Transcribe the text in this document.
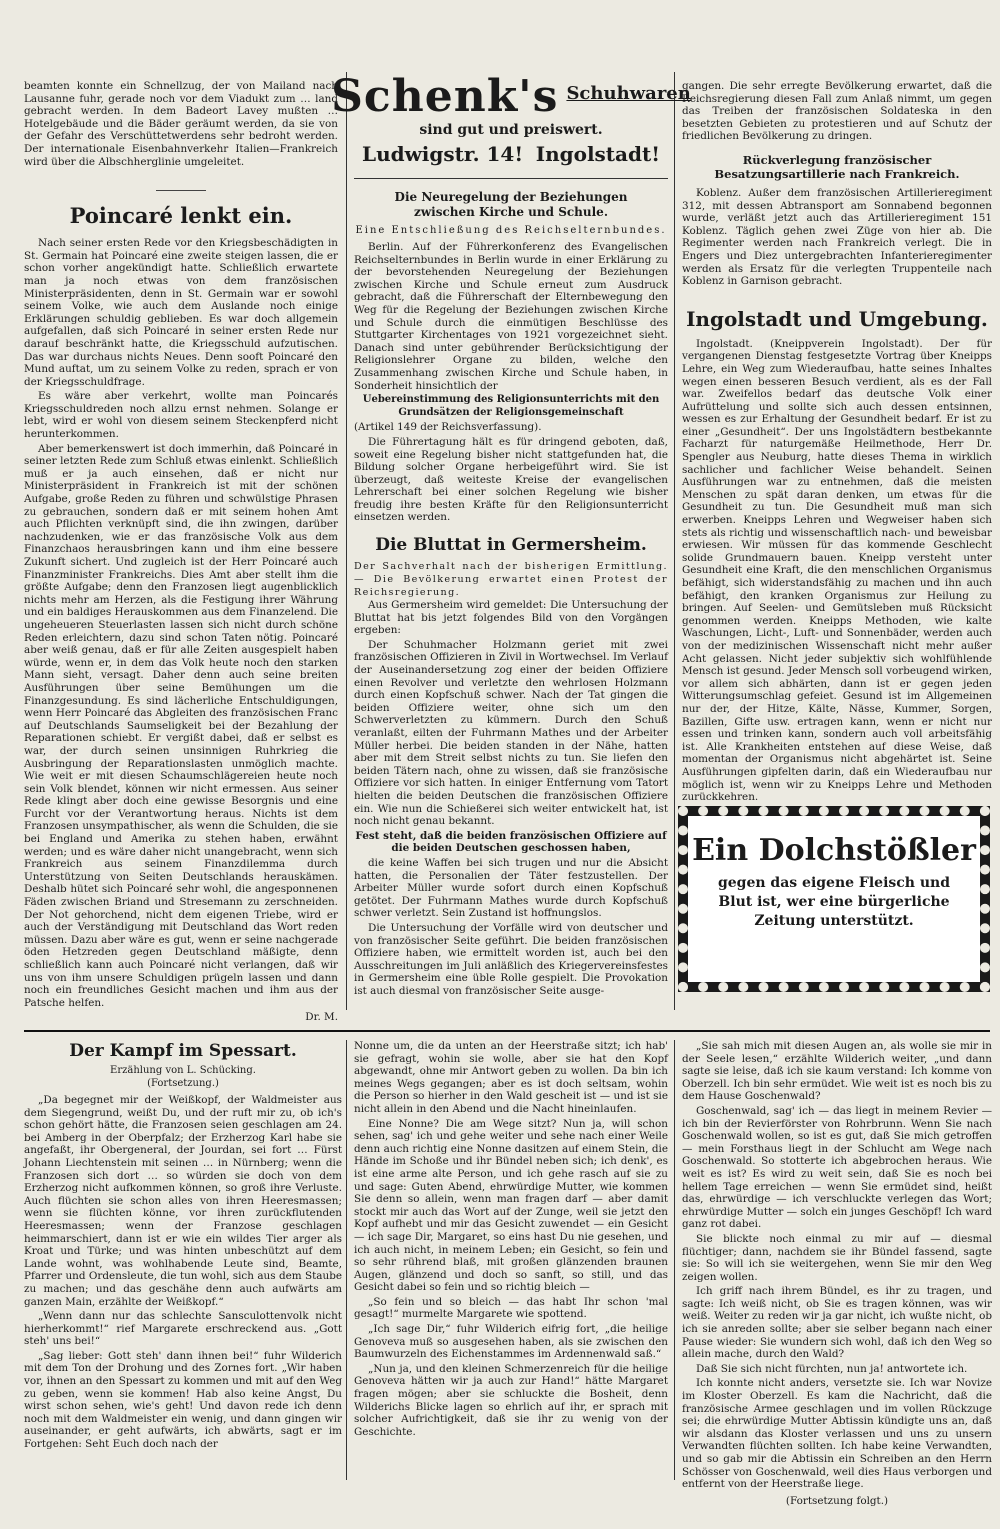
beamten konnte ein Schnellzug, der von Mailand nach Lausanne fuhr, gerade noch vor dem Viadukt zum … land gebracht werden. In dem Badeort Lavey mußten … Hotelgebäude und die Bäder geräumt werden, da sie von der Gefahr des Verschüttetwerdens sehr bedroht werden. Der internationale Eisenbahnverkehr Italien—Frankreich wird über die Albschherglinie umgeleitet.

Poincaré lenkt ein.

Nach seiner ersten Rede vor den Kriegsbeschädigten in St. Germain hat Poincaré eine zweite steigen lassen, die er schon vorher angekündigt hatte. Schließlich erwartete man ja noch etwas von dem französischen Ministerpräsidenten, denn in St. Germain war er sowohl seinem Volke, wie auch dem Auslande noch einige Erklärungen schuldig geblieben. Es war doch allgemein aufgefallen, daß sich Poincaré in seiner ersten Rede nur darauf beschränkt hatte, die Kriegsschuld aufzutischen. Das war durchaus nichts Neues. Denn sooft Poincaré den Mund auftat, um zu seinem Volke zu reden, sprach er von der Kriegsschuldfrage.

Es wäre aber verkehrt, wollte man Poincarés Kriegsschuldreden noch allzu ernst nehmen. Solange er lebt, wird er wohl von diesem seinem Steckenpferd nicht herunterkommen.

Aber bemerkenswert ist doch immerhin, daß Poincaré in seiner letzten Rede zum Schluß etwas einlenkt. Schließlich muß er ja auch einsehen, daß er nicht nur Ministerpräsident in Frankreich ist mit der schönen Aufgabe, große Reden zu führen und schwülstige Phrasen zu gebrauchen, sondern daß er mit seinem hohen Amt auch Pflichten verknüpft sind, die ihn zwingen, darüber nachzudenken, wie er das französische Volk aus dem Finanzchaos herausbringen kann und ihm eine bessere Zukunft sichert. Und zugleich ist der Herr Poincaré auch Finanzminister Frankreichs. Dies Amt aber stellt ihm die größte Aufgabe; denn den Franzosen liegt augenblicklich nichts mehr am Herzen, als die Festigung ihrer Währung und ein baldiges Herauskommen aus dem Finanzelend. Die ungeheueren Steuerlasten lassen sich nicht durch schöne Reden erleichtern, dazu sind schon Taten nötig. Poincaré aber weiß genau, daß er für alle Zeiten ausgespielt haben würde, wenn er, in dem das Volk heute noch den starken Mann sieht, versagt. Daher denn auch seine breiten Ausführungen über seine Bemühungen um die Finanzgesundung. Es sind lächerliche Entschuldigungen, wenn Herr Poincaré das Abgleiten des französischen Franc auf Deutschlands Saumseligkeit bei der Bezahlung der Reparationen schiebt. Er vergißt dabei, daß er selbst es war, der durch seinen unsinnigen Ruhrkrieg die Ausbringung der Reparationslasten unmöglich machte. Wie weit er mit diesen Schaumschlägereien heute noch sein Volk blendet, können wir nicht ermessen. Aus seiner Rede klingt aber doch eine gewisse Besorgnis und eine Furcht vor der Verantwortung heraus. Nichts ist dem Franzosen unsympathischer, als wenn die Schulden, die sie bei England und Amerika zu stehen haben, erwähnt werden; und es wäre daher nicht unangebracht, wenn sich Frankreich aus seinem Finanzdilemma durch Unterstützung von Seiten Deutschlands herauskämen. Deshalb hütet sich Poincaré sehr wohl, die angesponnenen Fäden zwischen Briand und Stresemann zu zerschneiden. Der Not gehorchend, nicht dem eigenen Triebe, wird er auch der Verständigung mit Deutschland das Wort reden müssen. Dazu aber wäre es gut, wenn er seine nachgerade öden Hetzreden gegen Deutschland mäßigte, denn schließlich kann auch Poincaré nicht verlangen, daß wir uns von ihm unsere Schuldigen prügeln lassen und dann noch ein freundliches Gesicht machen und ihm aus der Patsche helfen.

Dr. M.

Schenk's Schuhwaren
sind gut und preiswert.
Ludwigstr. 14! Ingolstadt!
Die Neuregelung der Beziehungen zwischen Kirche und Schule.

Eine Entschließung des Reichselternbundes.

Berlin. Auf der Führerkonferenz des Evangelischen Reichselternbundes in Berlin wurde in einer Erklärung zu der bevorstehenden Neuregelung der Beziehungen zwischen Kirche und Schule erneut zum Ausdruck gebracht, daß die Führerschaft der Elternbewegung den Weg für die Regelung der Beziehungen zwischen Kirche und Schule durch die einmütigen Beschlüsse des Stuttgarter Kirchentages von 1921 vorgezeichnet sieht. Danach sind unter gebührender Berücksichtigung der Religionslehrer Organe zu bilden, welche den Zusammenhang zwischen Kirche und Schule haben, in Sonderheit hinsichtlich der

Uebereinstimmung des Religionsunterrichts mit den Grundsätzen der Religionsgemeinschaft

(Artikel 149 der Reichsverfassung).

Die Führertagung hält es für dringend geboten, daß, soweit eine Regelung bisher nicht stattgefunden hat, die Bildung solcher Organe herbeigeführt wird. Sie ist überzeugt, daß weiteste Kreise der evangelischen Lehrerschaft bei einer solchen Regelung wie bisher freudig ihre besten Kräfte für den Religionsunterricht einsetzen werden.

Die Bluttat in Germersheim.

Der Sachverhalt nach der bisherigen Ermittlung. — Die Bevölkerung erwartet einen Protest der Reichsregierung.

Aus Germersheim wird gemeldet: Die Untersuchung der Bluttat hat bis jetzt folgendes Bild von den Vorgängen ergeben:

Der Schuhmacher Holzmann geriet mit zwei französischen Offizieren in Zivil in Wortwechsel. Im Verlauf der Auseinandersetzung zog einer der beiden Offiziere einen Revolver und verletzte den wehrlosen Holzmann durch einen Kopfschuß schwer. Nach der Tat gingen die beiden Offiziere weiter, ohne sich um den Schwerverletzten zu kümmern. Durch den Schuß veranlaßt, eilten der Fuhrmann Mathes und der Arbeiter Müller herbei. Die beiden standen in der Nähe, hatten aber mit dem Streit selbst nichts zu tun. Sie liefen den beiden Tätern nach, ohne zu wissen, daß sie französische Offiziere vor sich hatten. In einiger Entfernung vom Tatort hielten die beiden Deutschen die französischen Offiziere ein. Wie nun die Schießerei sich weiter entwickelt hat, ist noch nicht genau bekannt.

Fest steht, daß die beiden französischen Offiziere auf die beiden Deutschen geschossen haben,

die keine Waffen bei sich trugen und nur die Absicht hatten, die Personalien der Täter festzustellen. Der Arbeiter Müller wurde sofort durch einen Kopfschuß getötet. Der Fuhrmann Mathes wurde durch Kopfschuß schwer verletzt. Sein Zustand ist hoffnungslos.

Die Untersuchung der Vorfälle wird von deutscher und von französischer Seite geführt. Die beiden französischen Offiziere haben, wie ermittelt worden ist, auch bei den Ausschreitungen im Juli anläßlich des Kriegervereinsfestes in Germersheim eine üble Rolle gespielt. Die Provokation ist auch diesmal von französischer Seite ausge-

gangen. Die sehr erregte Bevölkerung erwartet, daß die Reichsregierung diesen Fall zum Anlaß nimmt, um gegen das Treiben der französischen Soldateska in den besetzten Gebieten zu protestieren und auf Schutz der friedlichen Bevölkerung zu dringen.

Rückverlegung französischer Besatzungsartillerie nach Frankreich.

Koblenz. Außer dem französischen Artillerieregiment 312, mit dessen Abtransport am Sonnabend begonnen wurde, verläßt jetzt auch das Artillerieregiment 151 Koblenz. Täglich gehen zwei Züge von hier ab. Die Regimenter werden nach Frankreich verlegt. Die in Engers und Diez untergebrachten Infanterieregimenter werden als Ersatz für die verlegten Truppenteile nach Koblenz in Garnison gebracht.

Ingolstadt und Umgebung.

Ingolstadt. (Kneippverein Ingolstadt). Der für vergangenen Dienstag festgesetzte Vortrag über Kneipps Lehre, ein Weg zum Wiederaufbau, hatte seines Inhaltes wegen einen besseren Besuch verdient, als es der Fall war. Zweifellos bedarf das deutsche Volk einer Aufrüttelung und sollte sich auch dessen entsinnen, wessen es zur Erhaltung der Gesundheit bedarf. Er ist zu einer „Gesundheit“. Der uns Ingolstädtern bestbekannte Facharzt für naturgemäße Heilmethode, Herr Dr. Spengler aus Neuburg, hatte dieses Thema in wirklich sachlicher und fachlicher Weise behandelt. Seinen Ausführungen war zu entnehmen, daß die meisten Menschen zu spät daran denken, um etwas für die Gesundheit zu tun. Die Gesundheit muß man sich erwerben. Kneipps Lehren und Wegweiser haben sich stets als richtig und wissenschaftlich nach- und beweisbar erwiesen. Wir müssen für das kommende Geschlecht solide Grundmauern bauen. Kneipp versteht unter Gesundheit eine Kraft, die den menschlichen Organismus befähigt, sich widerstandsfähig zu machen und ihn auch befähigt, den kranken Organismus zur Heilung zu bringen. Auf Seelen- und Gemütsleben muß Rücksicht genommen werden. Kneipps Methoden, wie kalte Waschungen, Licht-, Luft- und Sonnenbäder, werden auch von der medizinischen Wissenschaft nicht mehr außer Acht gelassen. Nicht jeder subjektiv sich wohlfühlende Mensch ist gesund. Jeder Mensch soll vorbeugend wirken, vor allem sich abhärten, dann ist er gegen jeden Witterungsumschlag gefeiet. Gesund ist im Allgemeinen nur der, der Hitze, Kälte, Nässe, Kummer, Sorgen, Bazillen, Gifte usw. ertragen kann, wenn er nicht nur essen und trinken kann, sondern auch voll arbeitsfähig ist. Alle Krankheiten entstehen auf diese Weise, daß momentan der Organismus nicht abgehärtet ist. Seine Ausführungen gipfelten darin, daß ein Wiederaufbau nur möglich ist, wenn wir zu Kneipps Lehre und Methoden zurückkehren.

Ein Dolchstößler
gegen das eigene Fleisch und Blut ist, wer eine bürgerliche Zeitung unterstützt.
Der Kampf im Spessart.

Erzählung von L. Schücking.

(Fortsetzung.)

„Da begegnet mir der Weißkopf, der Waldmeister aus dem Siegengrund, weißt Du, und der ruft mir zu, ob ich's schon gehört hätte, die Franzosen seien geschlagen am 24. bei Amberg in der Oberpfalz; der Erzherzog Karl habe sie angefaßt, ihr Obergeneral, der Jourdan, sei fort … Fürst Johann Liechtenstein mit seinen … in Nürnberg; wenn die Franzosen sich dort … so würden sie doch von dem Erzherzog nicht aufkommen können, so groß ihre Verluste. Auch flüchten sie schon alles von ihren Heeresmassen; wenn sie flüchten könne, vor ihren zurückflutenden Heeresmassen; wenn der Franzose geschlagen heimmarschiert, dann ist er wie ein wildes Tier arger als Kroat und Türke; und was hinten unbeschützt auf dem Lande wohnt, was wohlhabende Leute sind, Beamte, Pfarrer und Ordensleute, die tun wohl, sich aus dem Staube zu machen; und das geschähe denn auch aufwärts am ganzen Main, erzählte der Weißkopf.“

„Wenn dann nur das schlechte Sansculottenvolk nicht hierherkommt!“ rief Margarete erschreckend aus. „Gott steh' uns bei!“

„Sag lieber: Gott steh' dann ihnen bei!“ fuhr Wilderich mit dem Ton der Drohung und des Zornes fort. „Wir haben vor, ihnen an den Spessart zu kommen und mit auf den Weg zu geben, wenn sie kommen! Hab also keine Angst, Du wirst schon sehen, wie's geht! Und davon rede ich denn noch mit dem Waldmeister ein wenig, und dann gingen wir auseinander, er geht aufwärts, ich abwärts, sagt er im Fortgehen: Seht Euch doch nach der

Nonne um, die da unten an der Heerstraße sitzt; ich hab' sie gefragt, wohin sie wolle, aber sie hat den Kopf abgewandt, ohne mir Antwort geben zu wollen. Da bin ich meines Wegs gegangen; aber es ist doch seltsam, wohin die Person so hierher in den Wald gescheit ist — und ist sie nicht allein in den Abend und die Nacht hineinlaufen.

Eine Nonne? Die am Wege sitzt? Nun ja, will schon sehen, sag' ich und gehe weiter und sehe nach einer Weile denn auch richtig eine Nonne dasitzen auf einem Stein, die Hände im Schoße und ihr Bündel neben sich; ich denk', es ist eine arme alte Person, und ich gehe rasch auf sie zu und sage: Guten Abend, ehrwürdige Mutter, wie kommen Sie denn so allein, wenn man fragen darf — aber damit stockt mir auch das Wort auf der Zunge, weil sie jetzt den Kopf aufhebt und mir das Gesicht zuwendet — ein Gesicht — ich sage Dir, Margaret, so eins hast Du nie gesehen, und ich auch nicht, in meinem Leben; ein Gesicht, so fein und so sehr rührend blaß, mit großen glänzenden braunen Augen, glänzend und doch so sanft, so still, und das Gesicht dabei so fein und so richtig bleich —

„So fein und so bleich — das habt Ihr schon 'mal gesagt!“ murmelte Margarete wie spottend.

„Ich sage Dir,“ fuhr Wilderich eifrig fort, „die heilige Genoveva muß so ausgesehen haben, als sie zwischen den Baumwurzeln des Eichenstammes im Ardennenwald saß.“

„Nun ja, und den kleinen Schmerzenreich für die heilige Genoveva hätten wir ja auch zur Hand!“ hätte Margaret fragen mögen; aber sie schluckte die Bosheit, denn Wilderichs Blicke lagen so ehrlich auf ihr, er sprach mit solcher Aufrichtigkeit, daß sie ihr zu wenig von der Geschichte.

„Sie sah mich mit diesen Augen an, als wolle sie mir in der Seele lesen,“ erzählte Wilderich weiter, „und dann sagte sie leise, daß ich sie kaum verstand: Ich komme von Oberzell. Ich bin sehr ermüdet. Wie weit ist es noch bis zu dem Hause Goschenwald?

Goschenwald, sag' ich — das liegt in meinem Revier — ich bin der Revierförster von Rohrbrunn. Wenn Sie nach Goschenwald wollen, so ist es gut, daß Sie mich getroffen — mein Forsthaus liegt in der Schlucht am Wege nach Goschenwald. So stotterte ich abgebrochen heraus. Wie weit es ist? Es wird zu weit sein, daß Sie es noch bei hellem Tage erreichen — wenn Sie ermüdet sind, heißt das, ehrwürdige — ich verschluckte verlegen das Wort; ehrwürdige Mutter — solch ein junges Geschöpf! Ich ward ganz rot dabei.

Sie blickte noch einmal zu mir auf — diesmal flüchtiger; dann, nachdem sie ihr Bündel fassend, sagte sie: So will ich sie weitergehen, wenn Sie mir den Weg zeigen wollen.

Ich griff nach ihrem Bündel, es ihr zu tragen, und sagte: Ich weiß nicht, ob Sie es tragen können, was wir weiß. Weiter zu reden wir ja gar nicht, ich wußte nicht, ob ich sie anreden sollte; aber sie selber begann nach einer Pause wieder: Sie wundern sich wohl, daß ich den Weg so allein mache, durch den Wald?

Daß Sie sich nicht fürchten, nun ja! antwortete ich.

Ich konnte nicht anders, versetzte sie. Ich war Novize im Kloster Oberzell. Es kam die Nachricht, daß die französische Armee geschlagen und im vollen Rückzuge sei; die ehrwürdige Mutter Abtissin kündigte uns an, daß wir alsdann das Kloster verlassen und uns zu unsern Verwandten flüchten sollten. Ich habe keine Verwandten, und so gab mir die Abtissin ein Schreiben an den Herrn Schösser von Goschenwald, weil dies Haus verborgen und entfernt von der Heerstraße liege.

(Fortsetzung folgt.)
